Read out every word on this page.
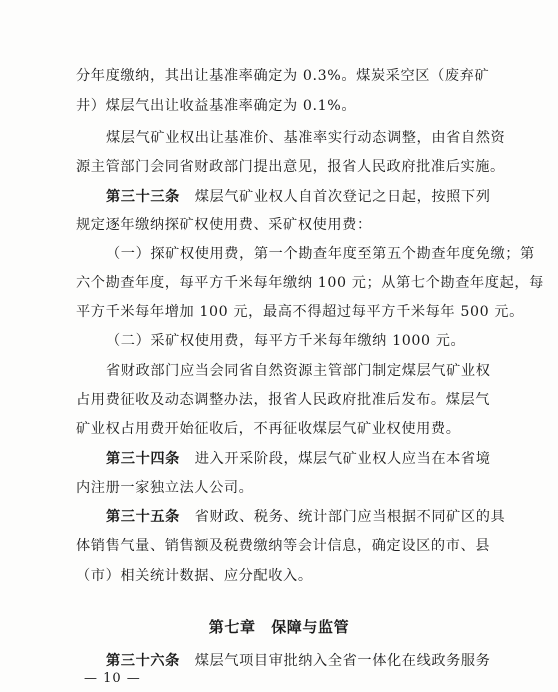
分年度缴纳，其出让基准率确定为 0.3%。煤炭采空区（废弃矿
井）煤层气出让收益基准率确定为 0.1%。
煤层气矿业权出让基准价、基准率实行动态调整，由省自然资
源主管部门会同省财政部门提出意见，报省人民政府批准后实施。
第三十三条　 煤层气矿业权人自首次登记之日起，按照下列
规定逐年缴纳探矿权使用费、采矿权使用费：
（一）探矿权使用费，第一个勘查年度至第五个勘查年度免缴；第
六个勘查年度，每平方千米每年缴纳 100 元；从第七个勘查年度起，每
平方千米每年增加 100 元，最高不得超过每平方千米每年 500 元。
（二）采矿权使用费，每平方千米每年缴纳 1000 元。
省财政部门应当会同省自然资源主管部门制定煤层气矿业权
占用费征收及动态调整办法，报省人民政府批准后发布。煤层气
矿业权占用费开始征收后，不再征收煤层气矿业权使用费。
第三十四条　 进入开采阶段，煤层气矿业权人应当在本省境
内注册一家独立法人公司。
第三十五条　 省财政、税务、统计部门应当根据不同矿区的具
体销售气量、销售额及税费缴纳等会计信息，确定设区的市、县
（市）相关统计数据、应分配收入。
第七章　保障与监管
第三十六条　 煤层气项目审批纳入全省一体化在线政务服务
— 10 —
